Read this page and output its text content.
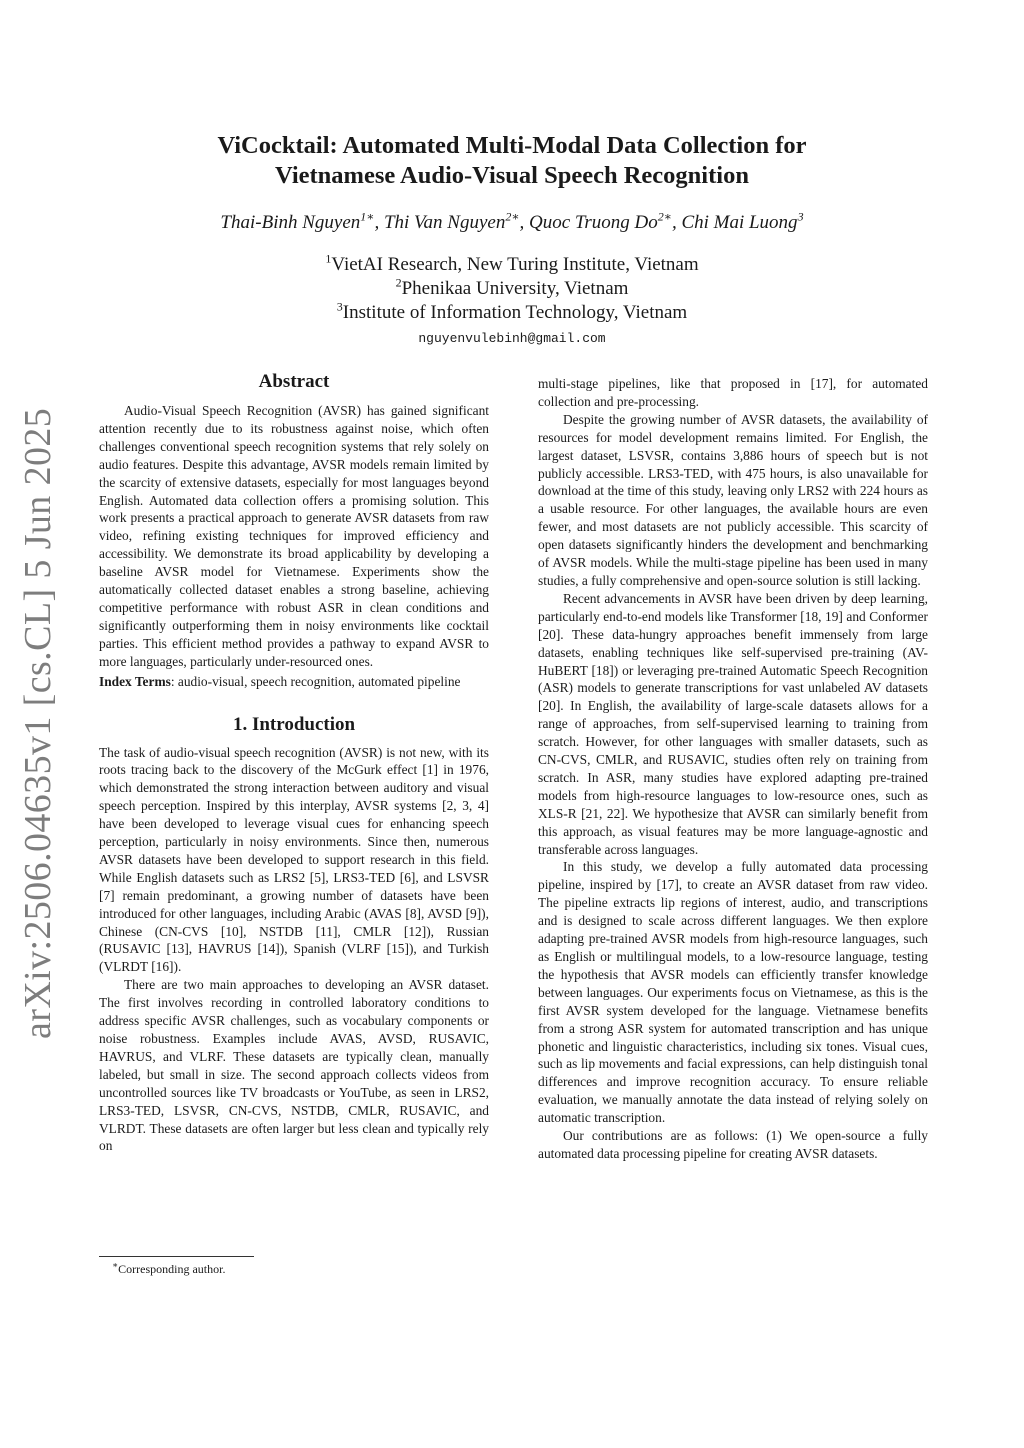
arXiv:2506.04635v1 [cs.CL] 5 Jun 2025
ViCocktail: Automated Multi-Modal Data Collection for
Vietnamese Audio-Visual Speech Recognition
Thai-Binh Nguyen$^{1∗}$, Thi Van Nguyen$^{2∗}$, Quoc Truong $Do^{2∗}$, Chi Mai Luong$^3$
$^1$VietAI Research, New Turing Institute, Vietnam
$^2$Phenikaa University, Vietnam
$^3$Institute of Information Technology, Vietnam
nguyenvulebinh@gmail.com
Abstract

Audio-Visual Speech Recognition (AVSR) has gained significant attention recently due to its robustness against noise, which often challenges conventional speech recognition systems that rely solely on audio features. Despite this advantage, AVSR models remain limited by the scarcity of extensive datasets, especially for most languages beyond English. Automated data collection offers a promising solution. This work presents a practical approach to generate AVSR datasets from raw video, refining existing techniques for improved efficiency and accessibility. We demonstrate its broad applicability by developing a baseline AVSR model for Vietnamese. Experiments show the automatically collected dataset enables a strong baseline, achieving competitive performance with robust ASR in clean conditions and significantly outperforming them in noisy environments like cocktail parties. This efficient method provides a pathway to expand AVSR to more languages, particularly under-resourced ones.

Index Terms: audio-visual, speech recognition, automated pipeline

1. Introduction

The task of audio-visual speech recognition (AVSR) is not new, with its roots tracing back to the discovery of the McGurk effect [1] in 1976, which demonstrated the strong interaction between auditory and visual speech perception. Inspired by this interplay, AVSR systems [2, 3, 4] have been developed to leverage visual cues for enhancing speech perception, particularly in noisy environments. Since then, numerous AVSR datasets have been developed to support research in this field. While English datasets such as LRS2 [5], LRS3-TED [6], and LSVSR [7] remain predominant, a growing number of datasets have been introduced for other languages, including Arabic (AVAS [8], AVSD [9]), Chinese (CN-CVS [10], NSTDB [11], CMLR [12]), Russian (RUSAVIC [13], HAVRUS [14]), Spanish (VLRF [15]), and Turkish (VLRDT [16]).

There are two main approaches to developing an AVSR dataset. The first involves recording in controlled laboratory conditions to address specific AVSR challenges, such as vocabulary components or noise robustness. Examples include AVAS, AVSD, RUSAVIC, HAVRUS, and VLRF. These datasets are typically clean, manually labeled, but small in size. The second approach collects videos from uncontrolled sources like TV broadcasts or YouTube, as seen in LRS2, LRS3-TED, LSVSR, CN-CVS, NSTDB, CMLR, RUSAVIC, and VLRDT. These datasets are often larger but less clean and typically rely on

multi-stage pipelines, like that proposed in [17], for automated collection and pre-processing.

Despite the growing number of AVSR datasets, the availability of resources for model development remains limited. For English, the largest dataset, LSVSR, contains 3,886 hours of speech but is not publicly accessible. LRS3-TED, with 475 hours, is also unavailable for download at the time of this study, leaving only LRS2 with 224 hours as a usable resource. For other languages, the available hours are even fewer, and most datasets are not publicly accessible. This scarcity of open datasets significantly hinders the development and benchmarking of AVSR models. While the multi-stage pipeline has been used in many studies, a fully comprehensive and open-source solution is still lacking.

Recent advancements in AVSR have been driven by deep learning, particularly end-to-end models like Transformer [18, 19] and Conformer [20]. These data-hungry approaches benefit immensely from large datasets, enabling techniques like self-supervised pre-training (AV-HuBERT [18]) or leveraging pre-trained Automatic Speech Recognition (ASR) models to generate transcriptions for vast unlabeled AV datasets [20]. In English, the availability of large-scale datasets allows for a range of approaches, from self-supervised learning to training from scratch. However, for other languages with smaller datasets, such as CN-CVS, CMLR, and RUSAVIC, studies often rely on training from scratch. In ASR, many studies have explored adapting pre-trained models from high-resource languages to low-resource ones, such as XLS-R [21, 22]. We hypothesize that AVSR can similarly benefit from this approach, as visual features may be more language-agnostic and transferable across languages.

In this study, we develop a fully automated data processing pipeline, inspired by [17], to create an AVSR dataset from raw video. The pipeline extracts lip regions of interest, audio, and transcriptions and is designed to scale across different languages. We then explore adapting pre-trained AVSR models from high-resource languages, such as English or multilingual models, to a low-resource language, testing the hypothesis that AVSR models can efficiently transfer knowledge between languages. Our experiments focus on Vietnamese, as this is the first AVSR system developed for the language. Vietnamese benefits from a strong ASR system for automated transcription and has unique phonetic and linguistic characteristics, including six tones. Visual cues, such as lip movements and facial expressions, can help distinguish tonal differences and improve recognition accuracy. To ensure reliable evaluation, we manually annotate the data instead of relying solely on automatic transcription.

Our contributions are as follows: (1) We open-source a fully automated data processing pipeline for creating AVSR datasets.

∗Corresponding author.
